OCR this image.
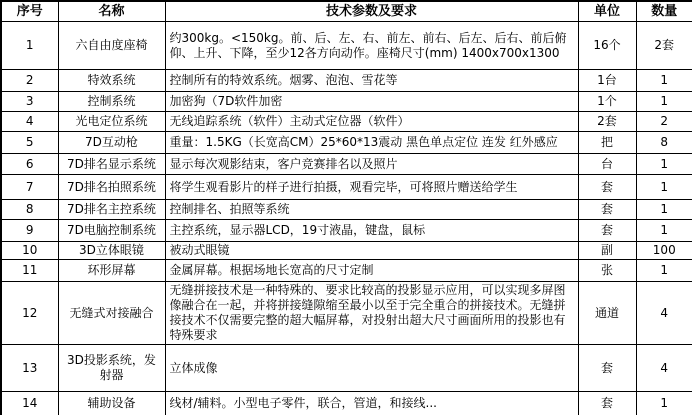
序号	名称	技术参数及要求	单位	数量
1	六自由度座椅	约300kg。<150kg。前、后、左、右、前左、前右、后左、后右、前后俯仰、上升、下降，至少12各方向动作。座椅尺寸(mm) 1400x700x1300	16个	2套
2	特效系统	控制所有的特效系统。烟雾、泡泡、雪花等	1台	1
3	控制系统	加密狗（7D软件加密	1个	1
4	光电定位系统	无线追踪系统（软件）主动式定位器（软件）	2套	2
5	7D互动枪	重量：1.5KG（长宽高CM）25*60*13震动 黑色单点定位 连发 红外感应	把	8
6	7D排名显示系统	显示每次观影结束，客户竞赛排名以及照片	台	1
7	7D排名拍照系统	将学生观看影片的样子进行拍摄，观看完毕，可将照片赠送给学生	套	1
8	7D排名主控系统	控制排名、拍照等系统	套	1
9	7D电脑控制系统	主控系统，显示器LCD，19寸液晶，键盘，鼠标	套	1
10	3D立体眼镜	被动式眼镜	副	100
11	环形屏幕	金属屏幕。根据场地长宽高的尺寸定制	张	1
12	无缝式对接融合	无缝拼接技术是一种特殊的、要求比较高的投影显示应用，可以实现多屏图像融合在一起，并将拼接缝隙缩至最小以至于完全重合的拼接技术。无缝拼接技术不仅需要完整的超大幅屏幕，对投射出超大尺寸画面所用的投影也有特殊要求	通道	4
13	3D投影系统，发射器	立体成像	套	4
14	辅助设备	线材/辅料。小型电子零件，联合，管道，和接线...	套	1
